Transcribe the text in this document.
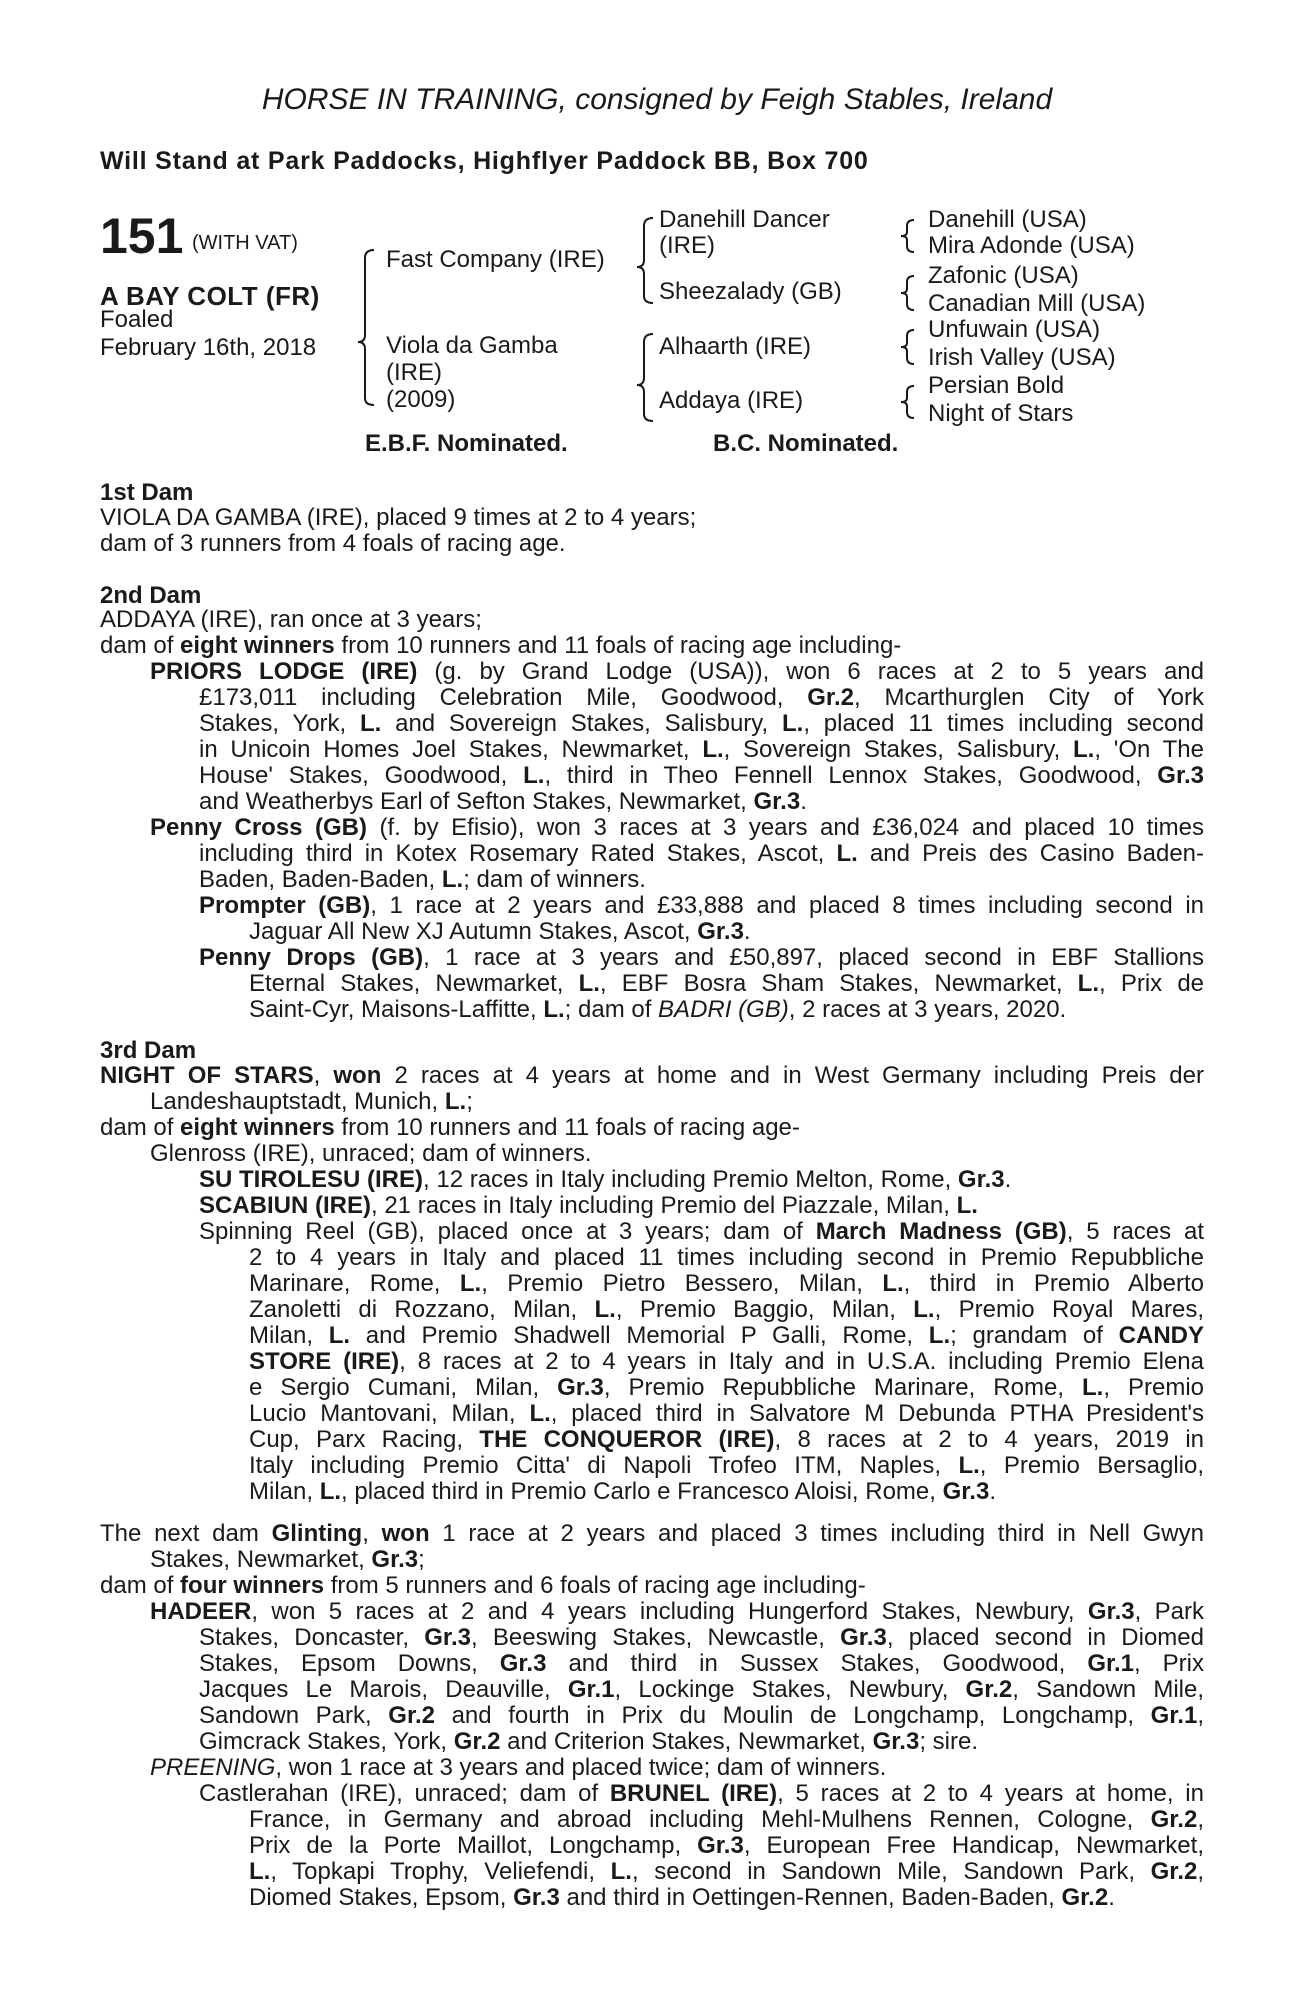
HORSE IN TRAINING, consigned by Feigh Stables, Ireland
Will Stand at Park Paddocks, Highflyer Paddock BB, Box 700
151 (WITH VAT)
A BAY COLT (FR)
Foaled
February 16th, 2018
Fast Company (IRE)
Viola da Gamba
(IRE)
(2009)
Danehill Dancer
(IRE)
Sheezalady (GB)
Alhaarth (IRE)
Addaya (IRE)
Danehill (USA)
Mira Adonde (USA)
Zafonic (USA)
Canadian Mill (USA)
Unfuwain (USA)
Irish Valley (USA)
Persian Bold
Night of Stars
E.B.F. Nominated.	B.C. Nominated.
1st Dam
VIOLA DA GAMBA (IRE), placed 9 times at 2 to 4 years;
dam of 3 runners from 4 foals of racing age.
2nd Dam
ADDAYA (IRE), ran once at 3 years;
dam of eight winners from 10 runners and 11 foals of racing age including-
PRIORS LODGE (IRE) (g. by Grand Lodge (USA)), won 6 races at 2 to 5 years and
£173,011 including Celebration Mile, Goodwood, Gr.2, Mcarthurglen City of York
Stakes, York, L. and Sovereign Stakes, Salisbury, L., placed 11 times including second
in Unicoin Homes Joel Stakes, Newmarket, L., Sovereign Stakes, Salisbury, L., 'On The
House' Stakes, Goodwood, L., third in Theo Fennell Lennox Stakes, Goodwood, Gr.3
and Weatherbys Earl of Sefton Stakes, Newmarket, Gr.3.
Penny Cross (GB) (f. by Efisio), won 3 races at 3 years and £36,024 and placed 10 times
including third in Kotex Rosemary Rated Stakes, Ascot, L. and Preis des Casino Baden-
Baden, Baden-Baden, L.; dam of winners.
Prompter (GB), 1 race at 2 years and £33,888 and placed 8 times including second in
Jaguar All New XJ Autumn Stakes, Ascot, Gr.3.
Penny Drops (GB), 1 race at 3 years and £50,897, placed second in EBF Stallions
Eternal Stakes, Newmarket, L., EBF Bosra Sham Stakes, Newmarket, L., Prix de
Saint-Cyr, Maisons-Laffitte, L.; dam of BADRI (GB), 2 races at 3 years, 2020.
3rd Dam
NIGHT OF STARS, won 2 races at 4 years at home and in West Germany including Preis der
Landeshauptstadt, Munich, L.;
dam of eight winners from 10 runners and 11 foals of racing age-
Glenross (IRE), unraced; dam of winners.
SU TIROLESU (IRE), 12 races in Italy including Premio Melton, Rome, Gr.3.
SCABIUN (IRE), 21 races in Italy including Premio del Piazzale, Milan, L.
Spinning Reel (GB), placed once at 3 years; dam of March Madness (GB), 5 races at
2 to 4 years in Italy and placed 11 times including second in Premio Repubbliche
Marinare, Rome, L., Premio Pietro Bessero, Milan, L., third in Premio Alberto
Zanoletti di Rozzano, Milan, L., Premio Baggio, Milan, L., Premio Royal Mares,
Milan, L. and Premio Shadwell Memorial P Galli, Rome, L.; grandam of CANDY
STORE (IRE), 8 races at 2 to 4 years in Italy and in U.S.A. including Premio Elena
e Sergio Cumani, Milan, Gr.3, Premio Repubbliche Marinare, Rome, L., Premio
Lucio Mantovani, Milan, L., placed third in Salvatore M Debunda PTHA President's
Cup, Parx Racing, THE CONQUEROR (IRE), 8 races at 2 to 4 years, 2019 in
Italy including Premio Citta' di Napoli Trofeo ITM, Naples, L., Premio Bersaglio,
Milan, L., placed third in Premio Carlo e Francesco Aloisi, Rome, Gr.3.
The next dam Glinting, won 1 race at 2 years and placed 3 times including third in Nell Gwyn
Stakes, Newmarket, Gr.3;
dam of four winners from 5 runners and 6 foals of racing age including-
HADEER, won 5 races at 2 and 4 years including Hungerford Stakes, Newbury, Gr.3, Park
Stakes, Doncaster, Gr.3, Beeswing Stakes, Newcastle, Gr.3, placed second in Diomed
Stakes, Epsom Downs, Gr.3 and third in Sussex Stakes, Goodwood, Gr.1, Prix
Jacques Le Marois, Deauville, Gr.1, Lockinge Stakes, Newbury, Gr.2, Sandown Mile,
Sandown Park, Gr.2 and fourth in Prix du Moulin de Longchamp, Longchamp, Gr.1,
Gimcrack Stakes, York, Gr.2 and Criterion Stakes, Newmarket, Gr.3; sire.
PREENING, won 1 race at 3 years and placed twice; dam of winners.
Castlerahan (IRE), unraced; dam of BRUNEL (IRE), 5 races at 2 to 4 years at home, in
France, in Germany and abroad including Mehl-Mulhens Rennen, Cologne, Gr.2,
Prix de la Porte Maillot, Longchamp, Gr.3, European Free Handicap, Newmarket,
L., Topkapi Trophy, Veliefendi, L., second in Sandown Mile, Sandown Park, Gr.2,
Diomed Stakes, Epsom, Gr.3 and third in Oettingen-Rennen, Baden-Baden, Gr.2.
